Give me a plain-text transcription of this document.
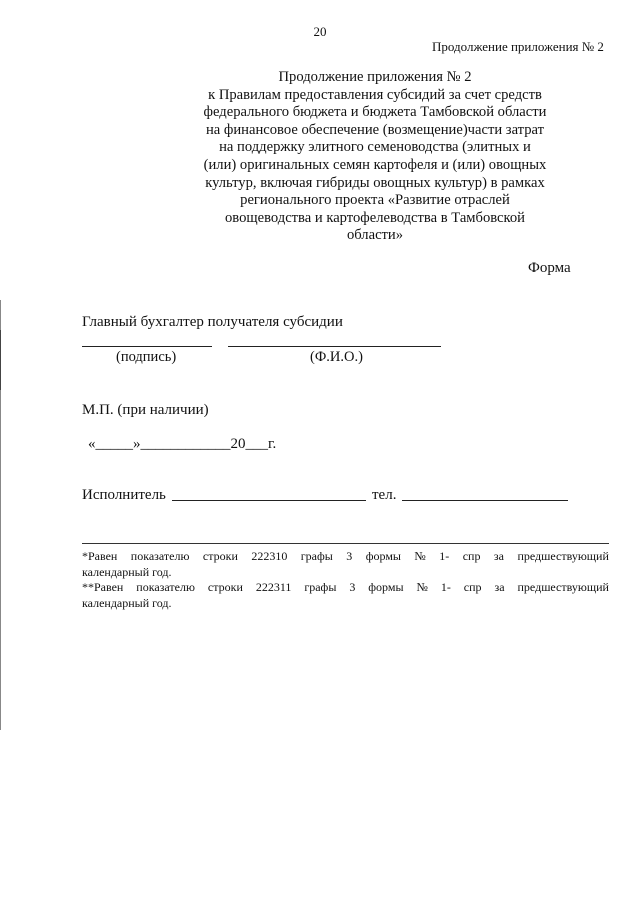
20
Продолжение приложения № 2
Продолжение приложения № 2
к Правилам предоставления субсидий за счет средств
федерального бюджета и бюджета Тамбовской области
на финансовое обеспечение (возмещение)части затрат
на поддержку элитного семеноводства (элитных и
(или) оригинальных семян картофеля и (или) овощных
культур, включая гибриды овощных культур) в рамках
регионального проекта «Развитие отраслей
овощеводства и картофелеводства в Тамбовской
области»
Форма
Главный бухгалтер получателя субсидии
(подпись)	(Ф.И.О.)
М.П. (при наличии)
«_____»____________20___г.
Исполнитель	тел.
*Равен показателю строки 222310 графы 3 формы № 1- спр за предшествующий
календарный год.
**Равен показателю строки 222311 графы 3 формы № 1- спр за предшествующий
календарный год.
